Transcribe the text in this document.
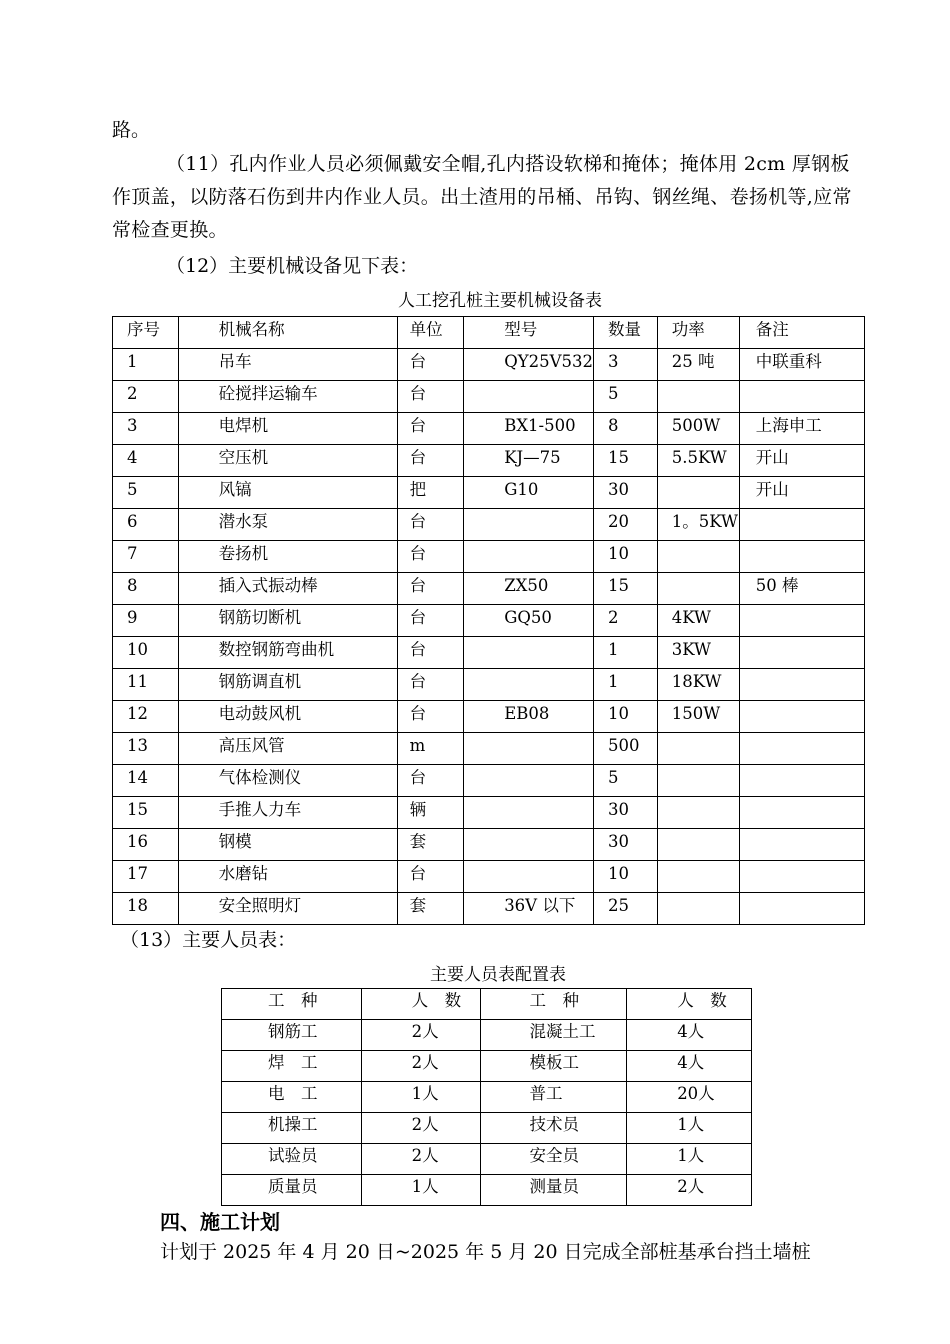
路。
（11）孔内作业人员必须佩戴安全帽,孔内搭设软梯和掩体；掩体用 2cm 厚钢板作顶盖，以防落石伤到井内作业人员。出土渣用的吊桶、吊钩、钢丝绳、卷扬机等,应常常检查更换。
（12）主要机械设备见下表：
人工挖孔桩主要机械设备表
序号	机械名称	单位	型号	数量	功率	备注
1	吊车	台	QY25V532	3	25 吨	中联重科
2	砼搅拌运输车	台		5		
3	电焊机	台	BX1-500	8	500W	上海申工
4	空压机	台	KJ—75	15	5.5KW	开山
5	风镐	把	G10	30		开山
6	潜水泵	台		20	1。5KW	
7	卷扬机	台		10		
8	插入式振动棒	台	ZX50	15		50 棒
9	钢筋切断机	台	GQ50	2	4KW	
10	数控钢筋弯曲机	台		1	3KW	
11	钢筋调直机	台		1	18KW	
12	电动鼓风机	台	EB08	10	150W	
13	高压风管	m		500		
14	气体检测仪	台		5		
15	手推人力车	辆		30		
16	钢模	套		30		
17	水磨钻	台		10		
18	安全照明灯	套	36V 以下	25		
（13）主要人员表：
主要人员表配置表
工　种	人　数	工　种	人　数
钢筋工	2人	混凝土工	4人
焊　工	2人	模板工	4人
电　工	1人	普工	20人
机操工	2人	技术员	1人
试验员	2人	安全员	1人
质量员	1人	测量员	2人
四、施工计划
计划于 2025 年 4 月 20 日~2025 年 5 月 20 日完成全部桩基承台挡土墙桩
